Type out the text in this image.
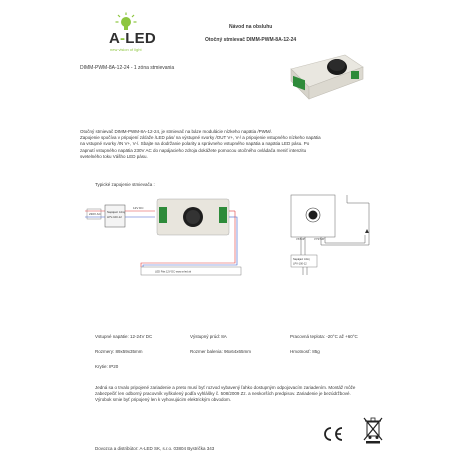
A-LED
new vision of light
Návod na obsluhu
Otočný stmievač DIMM-PWM-8A-12-24
DIMM-PWM-8A-12-24 - 1 zóna stmievania

Otočný stmievač DIMM-PWM-8A-12-24, je stmievač na báze modulácie nízkeho napätia /PWM/.

Zapojenie spočíva v pripojení záťaže /LED pás/ na výstupné svorky /OUT V+, V-/ a pripojenie vstupného nízkeho napätia

na vstupné svorky /IN V+, V-/. Sbajte na dodržanie polarity a správneho vstupného napätia a napätia LED pásu. Po

zapnutí vstupného napätia 230V AC do napájacieho zdroja dokážete pomocou otočného ovládača meniť intenzitu

svetelného toku Vášho LED pásu.

Typické zapojenie stmievača :
230V AC Napájací zdroj
LPV-100-12
12V DC
LED Pás 12V DC www.a-led.sk
VSTUP	VYSTUP
Napájací zdroj
LPV-100-12
Vstupné napätie: 12-24V DC	Výstupný prúd: 8A	Pracovná teplota: -20°C až +60°C
Rozmery: 89x59x35mm	Rozmer balenia: 96x64x65mm	Hmotnosť: 85g
Krytie: IP20

Jedná sa o trvalo pripojené zariadenie a preto musí byť rozvod vybavený ľahko dostupným odpojovacím zariadením. Montáž môže

zabezpečiť len odborný pracovník vyškolený podľa vyhlášky č. 508/2009 Zz. a neskorších predpisov. Zariadenie je bezúdržbové.

Výrobok smie byť pripojený len k vyhovujúcim elektrickým obvodom.

Dovozca a distribútor: A-LED SK, s.r.o. 03804 Bystrička 343
